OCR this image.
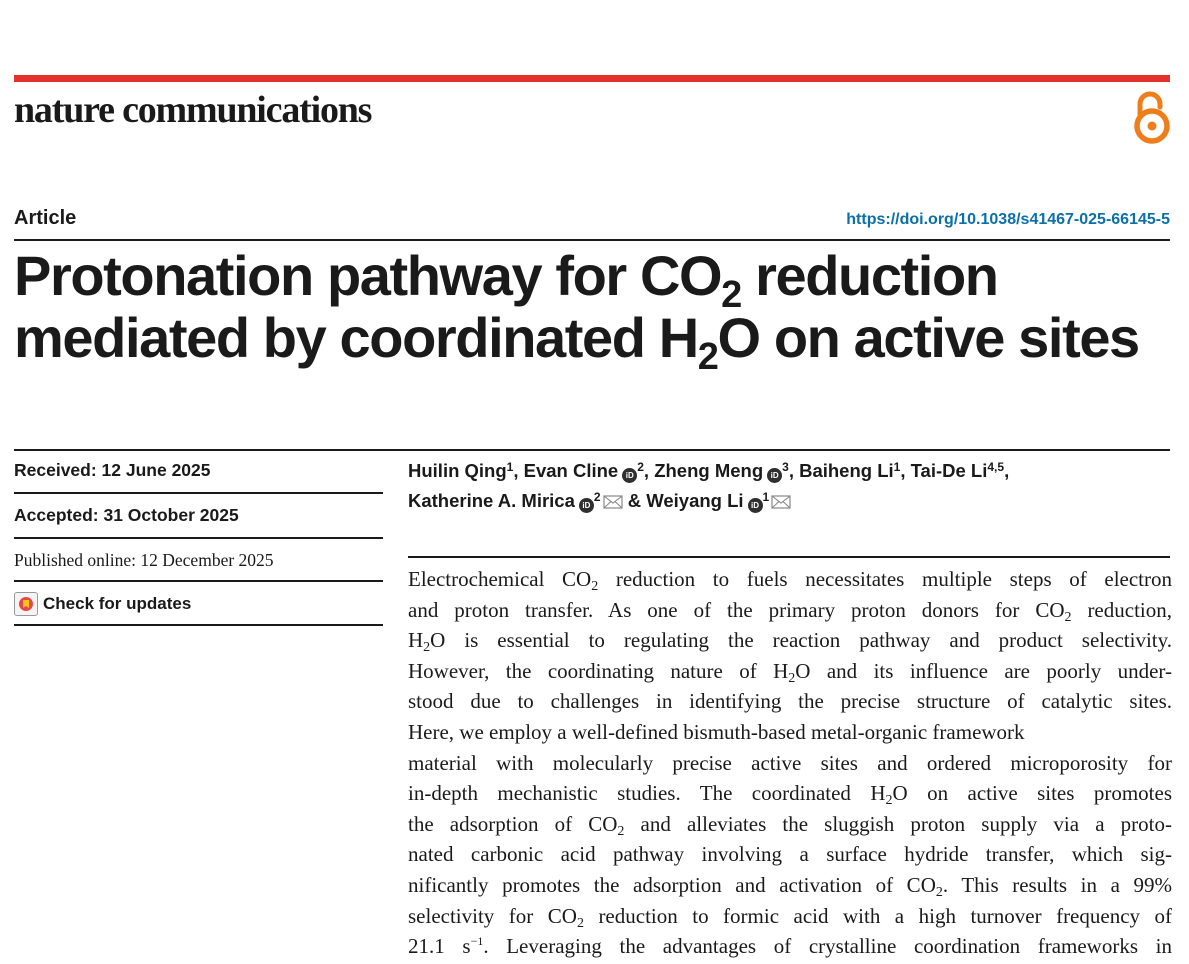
nature communications
Article	https://doi.org/10.1038/s41467-025-66145-5
Protonation pathway for $CO_2$ reduction
mediated by coordinated $H_2O$ on active sites
Received: 12 June 2025
Accepted: 31 October 2025
Published online: 12 December 2025
Check for updates
Huilin Qing$^1$, Evan Cline $iD^2$, Zheng Meng $iD^3$, Baiheng Li$^1$, Tai-De Li$^{4,5}$,
Katherine A. Mirica $iD^2$ & Weiyang Li $iD^1$
Electrochemical $CO_2$ reduction to fuels necessitates multiple steps of electron
and proton transfer. As one of the primary proton donors for $CO_2$ reduction,
$H_2O$ is essential to regulating the reaction pathway and product selectivity.
However, the coordinating nature of $H_2O$ and its influence are poorly under-
stood due to challenges in identifying the precise structure of catalytic sites.
Here, we employ a well-defined bismuth-based metal-organic framework
material with molecularly precise active sites and ordered microporosity for
in-depth mechanistic studies. The coordinated $H_2O$ on active sites promotes
the adsorption of $CO_2$ and alleviates the sluggish proton supply via a proto-
nated carbonic acid pathway involving a surface hydride transfer, which sig-
nificantly promotes the adsorption and activation of $CO_2$. This results in a 99%
selectivity for $CO_2$ reduction to formic acid with a high turnover frequency of
21.1 $s^{-1}$. Leveraging the advantages of crystalline coordination frameworks in
